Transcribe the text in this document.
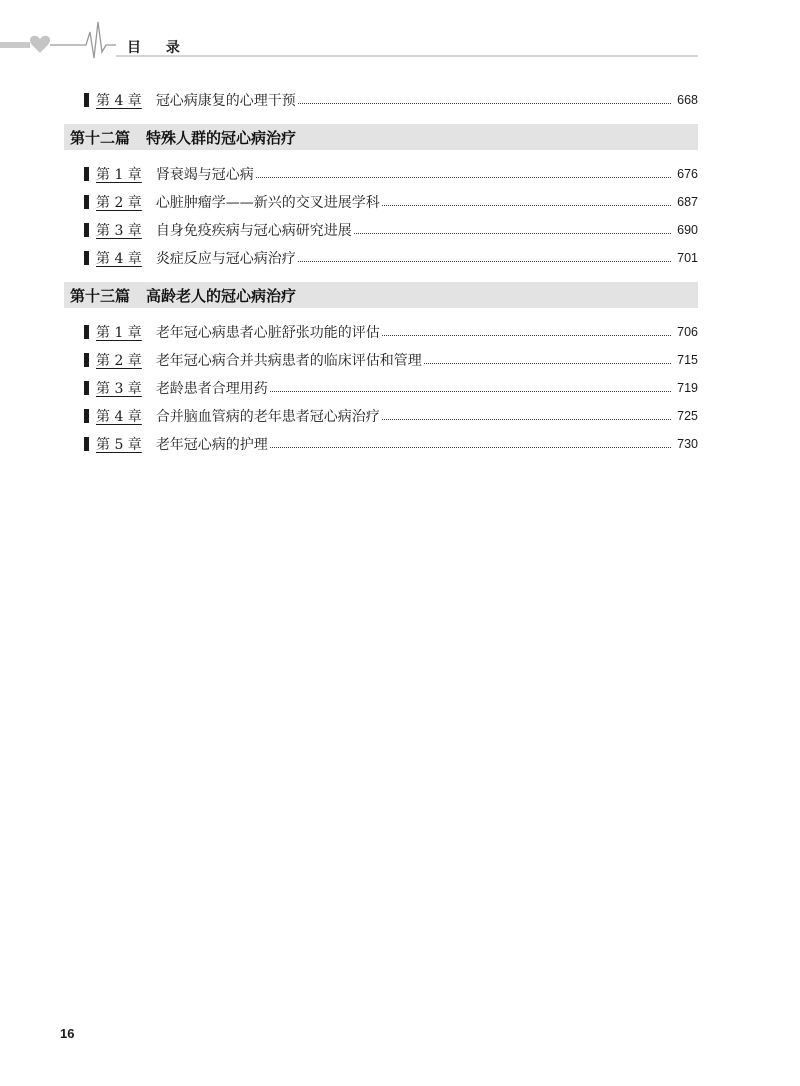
目 录
第 4 章 冠心病康复的心理干预	668
第十二篇 特殊人群的冠心病治疗
第 1 章 肾衰竭与冠心病	676
第 2 章 心脏肿瘤学——新兴的交叉进展学科	687
第 3 章 自身免疫疾病与冠心病研究进展	690
第 4 章 炎症反应与冠心病治疗	701
第十三篇 高龄老人的冠心病治疗
第 1 章 老年冠心病患者心脏舒张功能的评估	706
第 2 章 老年冠心病合并共病患者的临床评估和管理	715
第 3 章 老龄患者合理用药	719
第 4 章 合并脑血管病的老年患者冠心病治疗	725
第 5 章 老年冠心病的护理	730
16
